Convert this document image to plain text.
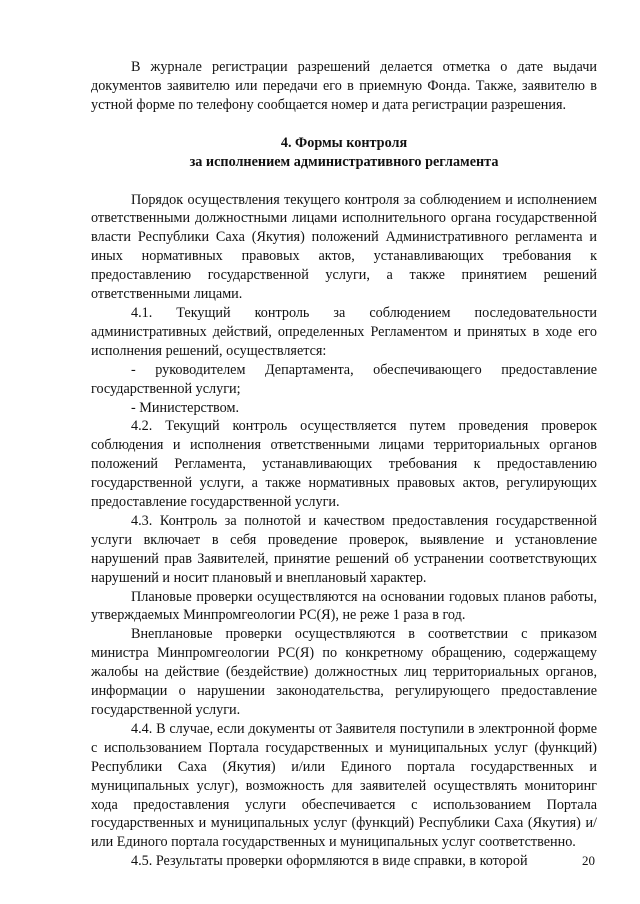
В журнале регистрации разрешений делается отметка о дате выдачи документов заявителю или передачи его в приемную Фонда. Также, заявителю в устной форме по телефону сообщается номер и дата регистрации разрешения.

4. Формы контроля

за исполнением административного регламента

Порядок осуществления текущего контроля за соблюдением и исполнением ответственными должностными лицами исполнительного органа государственной власти Республики Саха (Якутия) положений Административного регламента и иных нормативных правовых актов, устанавливающих требования к предоставлению государственной услуги, а также принятием решений ответственными лицами.

4.1. Текущий контроль за соблюдением последовательности административных действий, определенных Регламентом и принятых в ходе его исполнения решений, осуществляется:

- руководителем Департамента, обеспечивающего предоставление государственной услуги;

- Министерством.

4.2. Текущий контроль осуществляется путем проведения проверок соблюдения и исполнения ответственными лицами территориальных органов положений Регламента, устанавливающих требования к предоставлению государственной услуги, а также нормативных правовых актов, регулирующих предоставление государственной услуги.

4.3. Контроль за полнотой и качеством предоставления государственной услуги включает в себя проведение проверок, выявление и установление нарушений прав Заявителей, принятие решений об устранении соответствующих нарушений и носит плановый и внеплановый характер.

Плановые проверки осуществляются на основании годовых планов работы, утверждаемых Минпромгеологии РС(Я), не реже 1 раза в год.

Внеплановые проверки осуществляются в соответствии с приказом министра Минпромгеологии РС(Я) по конкретному обращению, содержащему жалобы на действие (бездействие) должностных лиц территориальных органов, информации о нарушении законодательства, регулирующего предоставление государственной услуги.

4.4. В случае, если документы от Заявителя поступили в электронной форме с использованием Портала государственных и муниципальных услуг (функций) Республики Саха (Якутия) и/или Единого портала государственных и муниципальных услуг), возможность для заявителей осуществлять мониторинг хода предоставления услуги обеспечивается с использованием Портала государственных и муниципальных услуг (функций) Республики Саха (Якутия) и/или Единого портала государственных и муниципальных услуг соответственно.

4.5. Результаты проверки оформляются в виде справки, в которой	20
